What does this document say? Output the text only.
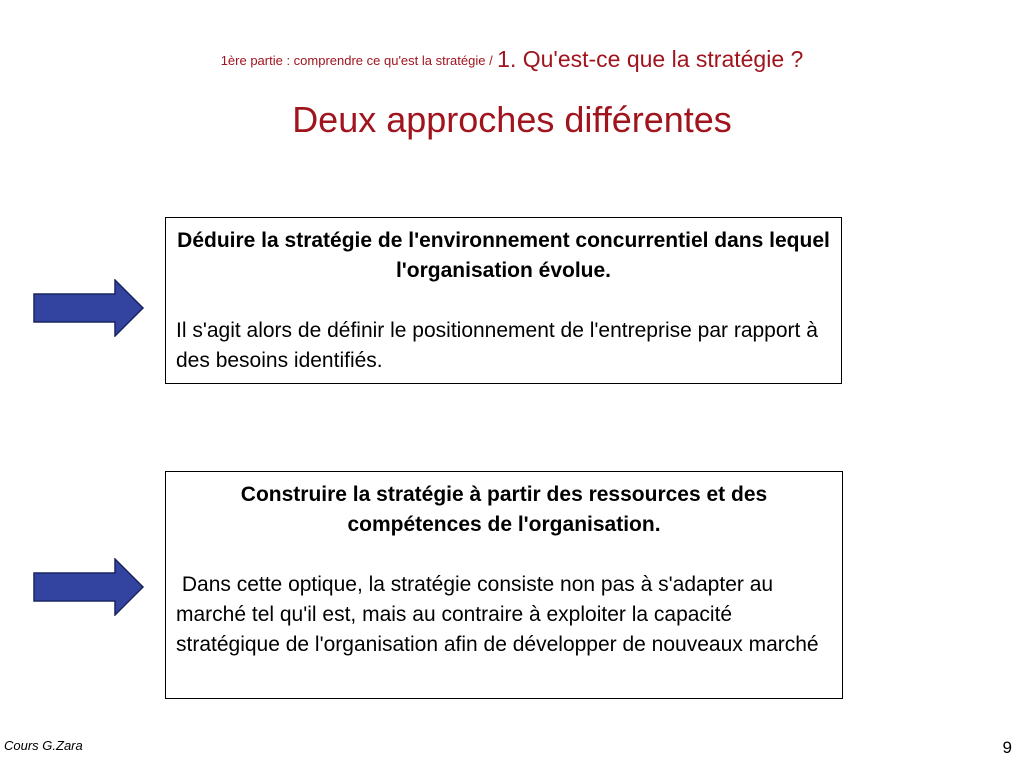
1ère partie : comprendre ce qu'est la stratégie / 1. Qu'est-ce que la stratégie ?
Deux approches différentes

Déduire la stratégie de l'environnement concurrentiel dans lequel l'organisation évolue.

Il s'agit alors de définir le positionnement de l'entreprise par rapport à des besoins identifiés.

Construire la stratégie à partir des ressources et des compétences de l'organisation.

Dans cette optique, la stratégie consiste non pas à s'adapter au marché tel qu'il est, mais au contraire à exploiter la capacité stratégique de l'organisation afin de développer de nouveaux marché

Cours G.Zara	9
